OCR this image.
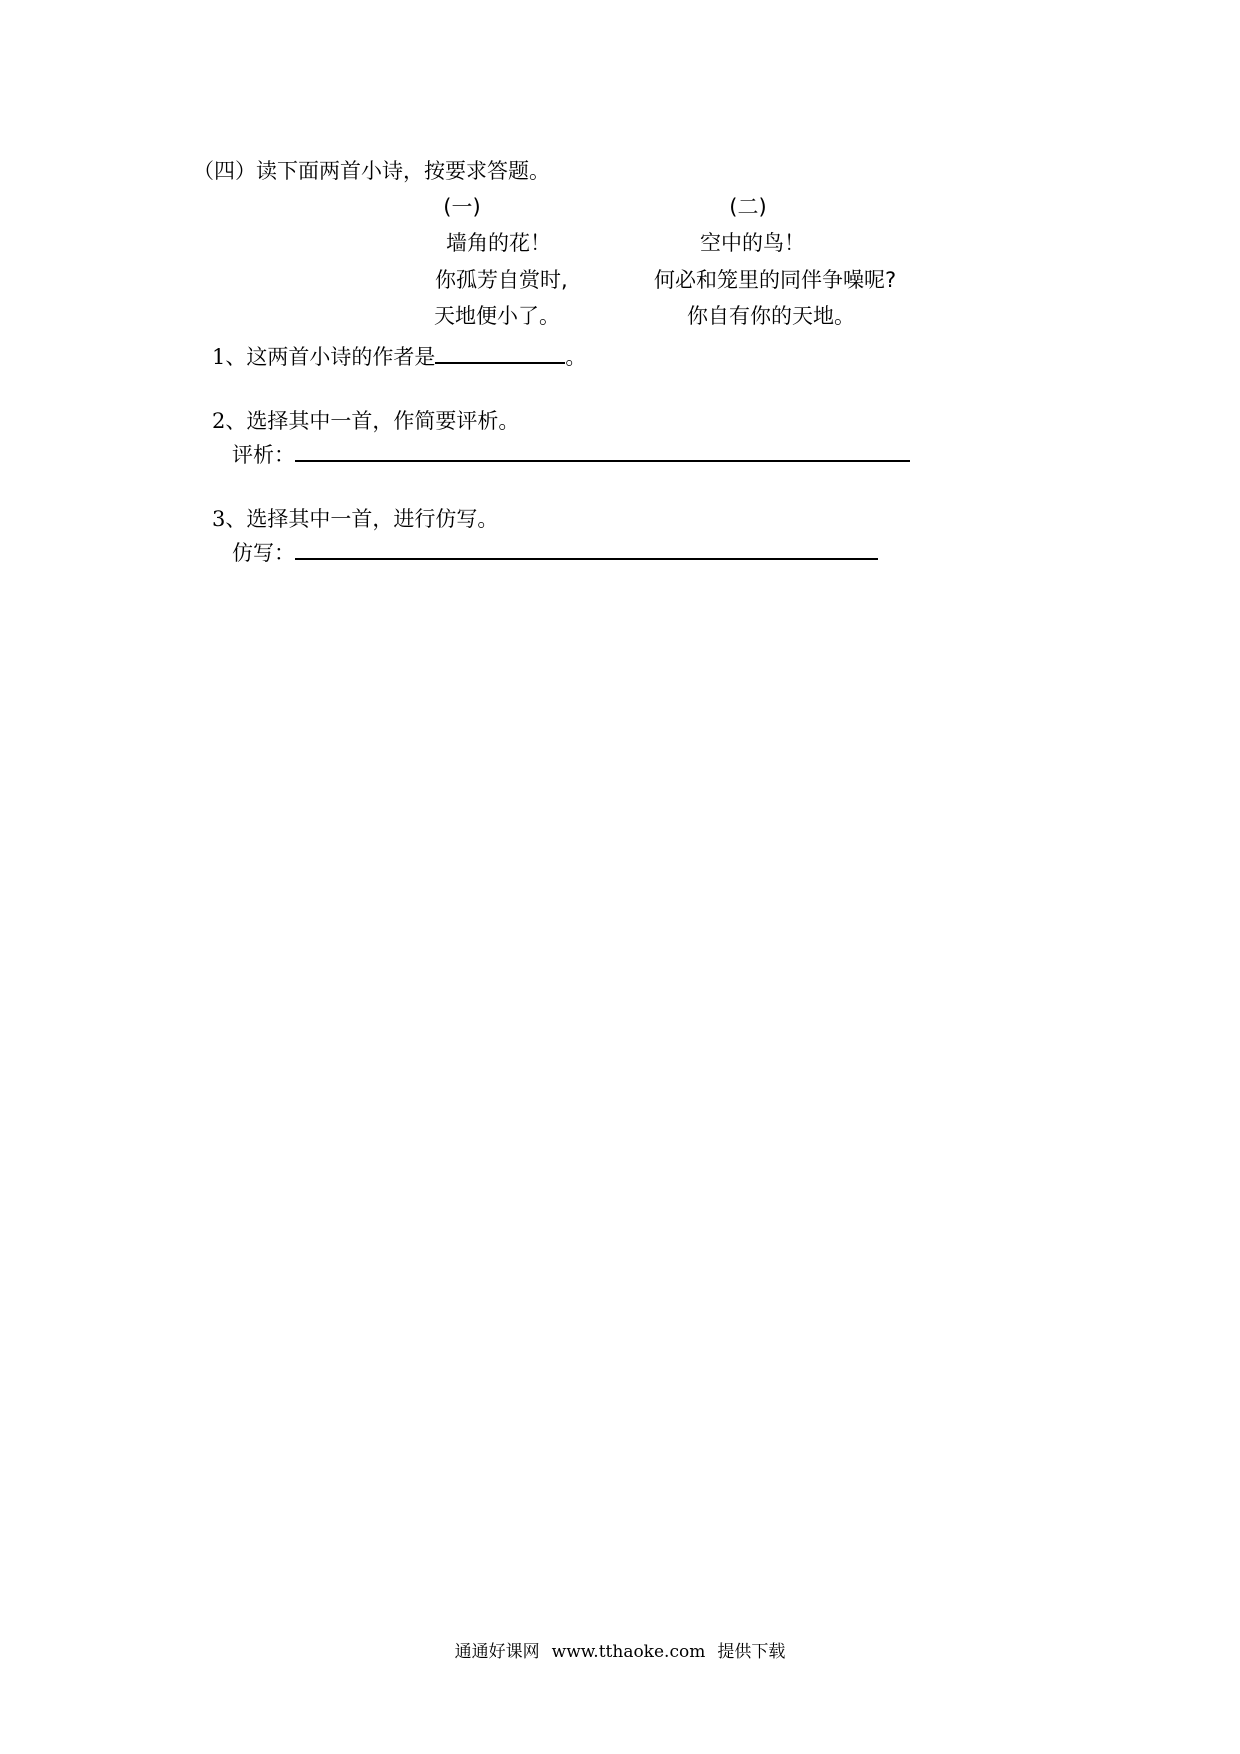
（四）读下面两首小诗，按要求答题。
(一)	(二)
墙角的花！
你孤芳自赏时,
天地便小了。
空中的鸟！
何必和笼里的同伴争噪呢?
你自有你的天地。
1、这两首小诗的作者是	。
2、选择其中一首，作简要评析。
评析：
3、选择其中一首，进行仿写。
仿写：
通通好课网 www.tthaoke.com 提供下载
